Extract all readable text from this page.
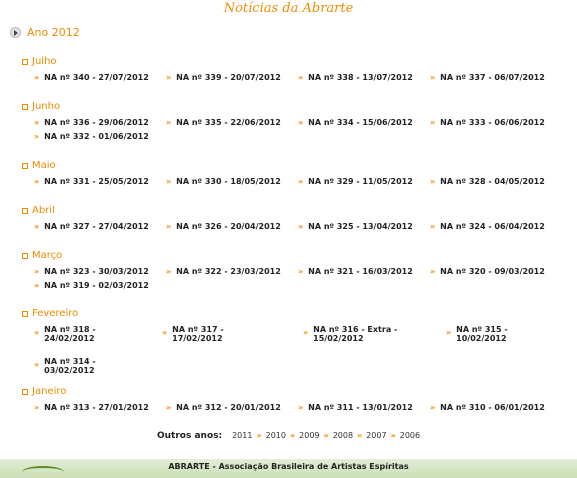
Notícias da Abrarte
Ano 2012
Julho
» NA nº 340 - 27/07/2012 » NA nº 339 - 20/07/2012 » NA nº 338 - 13/07/2012 » NA nº 337 - 06/07/2012
Junho
» NA nº 336 - 29/06/2012 » NA nº 335 - 22/06/2012 » NA nº 334 - 15/06/2012 » NA nº 333 - 06/06/2012
» NA nº 332 - 01/06/2012
Maio
» NA nº 331 - 25/05/2012 » NA nº 330 - 18/05/2012 » NA nº 329 - 11/05/2012 » NA nº 328 - 04/05/2012
Abril
» NA nº 327 - 27/04/2012 » NA nº 326 - 20/04/2012 » NA nº 325 - 13/04/2012 » NA nº 324 - 06/04/2012
Março
» NA nº 323 - 30/03/2012 » NA nº 322 - 23/03/2012 » NA nº 321 - 16/03/2012 » NA nº 320 - 09/03/2012
» NA nº 319 - 02/03/2012
Fevereiro
» NA nº 318 - 24/02/2012
» NA nº 317 - 17/02/2012
» NA nº 316 - Extra - 15/02/2012
» NA nº 315 - 10/02/2012
» NA nº 314 - 03/02/2012
Janeiro
» NA nº 313 - 27/01/2012 » NA nº 312 - 20/01/2012 » NA nº 311 - 13/01/2012 » NA nº 310 - 06/01/2012
Outros anos: 2011 » 2010 » 2009 » 2008 » 2007 » 2006
ABRARTE - Associação Brasileira de Artistas Espíritas
